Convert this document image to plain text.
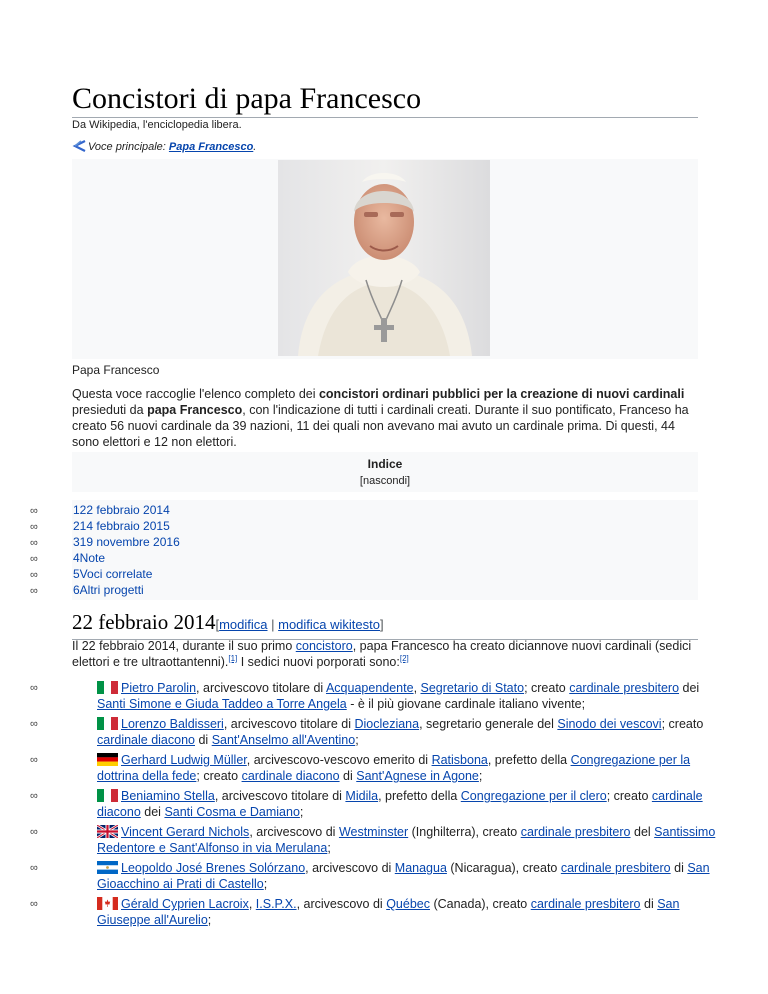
Concistori di papa Francesco
Da Wikipedia, l'enciclopedia libera.
Voce principale: Papa Francesco.
Papa Francesco

Questa voce raccoglie l'elenco completo dei concistori ordinari pubblici per la creazione di nuovi cardinali presieduti da papa Francesco, con l'indicazione di tutti i cardinali creati. Durante il suo pontificato, Franceso ha creato 56 nuovi cardinale da 39 nazioni, 11 dei quali non avevano mai avuto un cardinale prima. Di questi, 44 sono elettori e 12 non elettori.

Indice
[nascondi]
∞	122 febbraio 2014
∞	214 febbraio 2015
∞	319 novembre 2016
∞	4Note
∞	5Voci correlate
∞	6Altri progetti
22 febbraio 2014[modifica | modifica wikitesto]

Il 22 febbraio 2014, durante il suo primo concistoro, papa Francesco ha creato diciannove nuovi cardinali (sedici elettori e tre ultraottantenni).[1] I sedici nuovi porporati sono:[2]

∞	Pietro Parolin, arcivescovo titolare di Acquapendente, Segretario di Stato; creato cardinale presbitero dei Santi Simone e Giuda Taddeo a Torre Angela - è il più giovane cardinale italiano vivente;
∞	Lorenzo Baldisseri, arcivescovo titolare di Diocleziana, segretario generale del Sinodo dei vescovi; creato cardinale diacono di Sant'Anselmo all'Aventino;
∞	Gerhard Ludwig Müller, arcivescovo-vescovo emerito di Ratisbona, prefetto della Congregazione per la dottrina della fede; creato cardinale diacono di Sant'Agnese in Agone;
∞	Beniamino Stella, arcivescovo titolare di Midila, prefetto della Congregazione per il clero; creato cardinale diacono dei Santi Cosma e Damiano;
∞	Vincent Gerard Nichols, arcivescovo di Westminster (Inghilterra), creato cardinale presbitero del Santissimo Redentore e Sant'Alfonso in via Merulana;
∞	Leopoldo José Brenes Solórzano, arcivescovo di Managua (Nicaragua), creato cardinale presbitero di San Gioacchino ai Prati di Castello;
∞	Gérald Cyprien Lacroix, I.S.P.X., arcivescovo di Québec (Canada), creato cardinale presbitero di San Giuseppe all'Aurelio;
